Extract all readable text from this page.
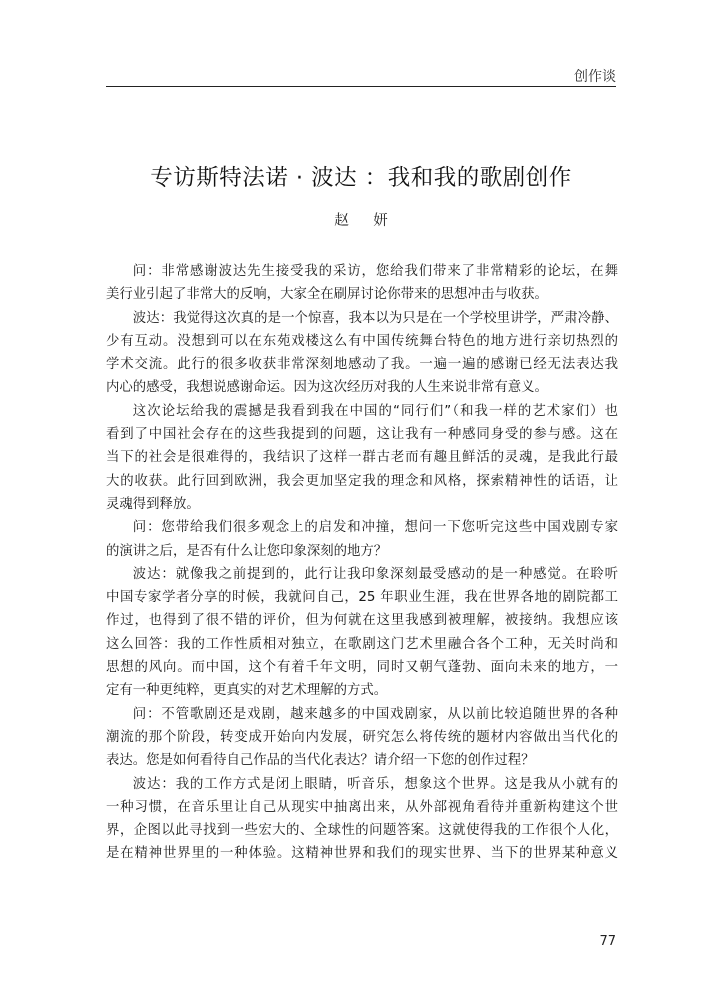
创作谈
专访斯特法诺 · 波达 ：我和我的歌剧创作
赵 妍

问：非常感谢波达先生接受我的采访，您给我们带来了非常精彩的论坛，在舞

美行业引起了非常大的反响，大家全在刷屏讨论你带来的思想冲击与收获。

波达：我觉得这次真的是一个惊喜，我本以为只是在一个学校里讲学，严肃冷静、

少有互动。没想到可以在东苑戏楼这么有中国传统舞台特色的地方进行亲切热烈的

学术交流。此行的很多收获非常深刻地感动了我。一遍一遍的感谢已经无法表达我

内心的感受，我想说感谢命运。因为这次经历对我的人生来说非常有意义。

这次论坛给我的震撼是我看到我在中国的“同行们”（和我一样的艺术家们）也

看到了中国社会存在的这些我提到的问题，这让我有一种感同身受的参与感。这在

当下的社会是很难得的，我结识了这样一群古老而有趣且鲜活的灵魂，是我此行最

大的收获。此行回到欧洲，我会更加坚定我的理念和风格，探索精神性的话语，让

灵魂得到释放。

问：您带给我们很多观念上的启发和冲撞，想问一下您听完这些中国戏剧专家

的演讲之后，是否有什么让您印象深刻的地方？

波达：就像我之前提到的，此行让我印象深刻最受感动的是一种感觉。在聆听

中国专家学者分享的时候，我就问自己，25 年职业生涯，我在世界各地的剧院都工

作过，也得到了很不错的评价，但为何就在这里我感到被理解，被接纳。我想应该

这么回答：我的工作性质相对独立，在歌剧这门艺术里融合各个工种，无关时尚和

思想的风向。而中国，这个有着千年文明，同时又朝气蓬勃、面向未来的地方，一

定有一种更纯粹，更真实的对艺术理解的方式。

问：不管歌剧还是戏剧，越来越多的中国戏剧家，从以前比较追随世界的各种

潮流的那个阶段，转变成开始向内发展，研究怎么将传统的题材内容做出当代化的

表达。您是如何看待自己作品的当代化表达？请介绍一下您的创作过程？

波达：我的工作方式是闭上眼睛，听音乐，想象这个世界。这是我从小就有的

一种习惯，在音乐里让自己从现实中抽离出来，从外部视角看待并重新构建这个世

界，企图以此寻找到一些宏大的、全球性的问题答案。这就使得我的工作很个人化，

是在精神世界里的一种体验。这精神世界和我们的现实世界、当下的世界某种意义

77
